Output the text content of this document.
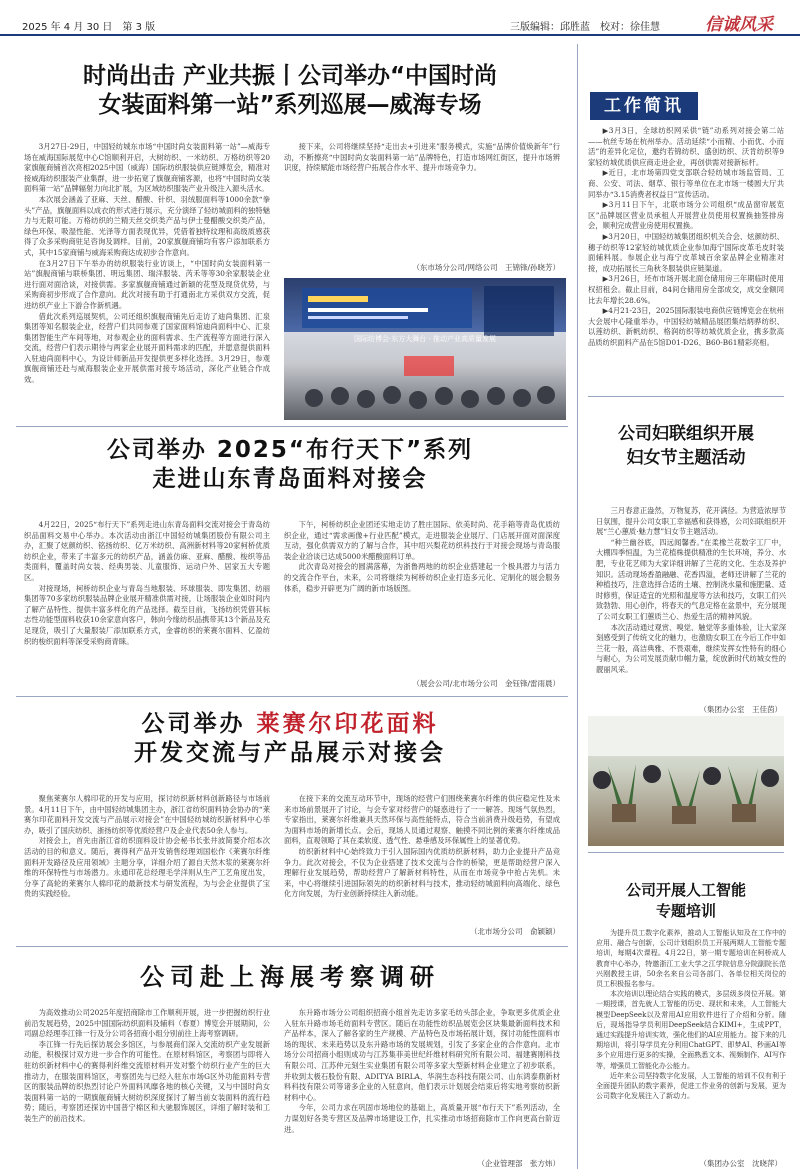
2025 年 4 月 30 日　第 3 版	三版编辑：邱胜蓝　校对：徐佳慧	信诚风采
时尚出击 产业共振丨公司举办“中国时尚
女装面料第一站”系列巡展—威海专场

3月27日-29日，中国轻纺城东市场“中国时尚女装面料第一站”—威海专场在威海国际展览中心C馆顺利开启，大树纺织、一米纺织、万格纺织等20家旗舰商铺首次亮相2025中国（威海）国际纺织服装供应链博览会，精准对接威海纺织服装产业集群，进一步拓宽了旗舰商铺客源，也将“中国时尚女装面料第一站”品牌辐射力向北扩展，为区域纺织服装产业升级注入源头活水。

本次展会涵盖了亚麻、天丝、醋酸、针织、羽绒服面料等1000余款“拳头”产品，旗舰面料以成衣的形式进行展示，充分演绎了轻纺城面料的独特魅力与无限可能。万格纺织的兰精天丝交织类产品与伊士曼醋酸交织类产品，绿色环保、吸湿性能、光泽等方面表现优异，凭借着独特纹理和高级质感获得了众多采购商驻足咨询及调样。目前，20家旗舰商铺均有客户添加联系方式，其中15家商铺与威海采购商达成初步合作意向。

在3月27日下午举办的纺织服装行业访谈上，“中国时尚女装面料第一站”旗舰商铺与联桥集团、明远集团、瑞洋服装、芮禾等等30余家服装企业进行面对面洽谈，对接供需。多家旗舰商铺通过新颖的花型及现货优势，与采购商初步形成了合作意向。此次对接有助于打通南北方采供双方交流，促进纺织产业上下游合作新机遇。

借此次系列巡展契机，公司还组织旗舰商铺先后走访了迪尚集团、汇泉集团等知名服装企业，经营户们共同参观了国家面料馆迪尚面料中心、汇泉集团智能生产车间等地，对参观企业的面料需求、生产流程等方面进行深入交流，经营户们表示期待与两家企业展开面料需求的匹配，并愿意提供面料入驻迪尚面料中心，为设计师新品开发提供更多样化选择。3月29日，参观旗舰商铺还赴与威海服装企业开展供需对接专场活动，深化产业链合作成效。

接下来，公司将继续坚持“走出去+引进来”服务模式，实施“品牌价值焕新年”行动，不断擦亮“中国时尚女装面料第一站”品牌特色，打造市场网红街区，提升市场辨识度，持续赋能市场经营户拓展合作水平、提升市场竞争力。

（东市场分公司/网络公司　王锦锋/孙晓芳）
国际纺博会·东方大舞台 · 推动产业高质量发展
公司举办 2025“布行天下”系列
走进山东青岛面料对接会

4月22日，2025“布行天下”系列走进山东青岛面料交流对接会于青岛纺织品面料交易中心举办。本次活动由浙江中国轻纺城集团股份有限公司主办，汇聚了炫颜纺织、铭扬纺织、亿万米纺织、高洲新材料等20家柯桥优质纺织企业，带来了丰富多元的纺织产品，涵盖仿麻、亚麻、醋酸、梭织等品类面料，覆盖时尚女装、经典男装、儿童服饰、运动户外、居家五大专题区。

对接现场，柯桥纺织企业与青岛当地服装、环球服装、即发集团、纺丽集团等70多家纺织服装品牌企业展开精准供需对接，让场服装企业如时间内了解产品特性、提供丰富多样化的产品选择。截至目前，飞扬纺织凭借其标志性功能型面料收获10余家意向客户，韩向今缘纺织品携带其13个新品及充足现货，吸引了大量服装厂添加联系方式，金睿纺织的莱赛尔面料、亿盈纺织的梭织面料等深受采购商青睐。

下午，柯桥纺织企业团还实地走访了胜庄国际、依美时尚、花手箱等青岛优质纺织企业，通过“需求画像+行业匹配”模式，走进服装企业展厅、门店展开面对面深度互动，强化供需双方的了解与合作，其中绍兴梨花纺织科技行于对接会现场与青岛服装企业洽谈已达成5000米醋酸面料订单。

此次青岛对接会的圆满落幕，为浙鲁两地的纺织企业搭建起一个极具潜力与活力的交流合作平台，未来，公司将继续为柯桥纺织企业打造多元化、定制化的展会服务体系，稳步开辟更为广阔的新市场版图。

（展会公司/北市场分公司　金钰锋/雷雨晨）
公司举办 莱赛尔印花面料
开发交流与产品展示对接会

聚焦莱赛尔人棉印花的开发与应用，探讨纺织新材料创新路径与市场前景。4月11日下午，由中国轻纺城集团主办，浙江省纺织面料协会协办的“莱赛尔印花面料开发交流与产品展示对接会”在中国轻纺城纺织新材料中心举办，吸引了国庆纺织、浙扬纺织等优质经营户及企业代表50余人参与。

对接会上，首先由浙江省纺织面料设计协会秘书长张井波简要介绍本次活动的目的和意义。随后，赛得利产品开发销售经理刘国松作《莱赛尔纤维面料开发路径及应用领域》主题分享，详细介绍了源自天然木浆的莱赛尔纤维的环保特性与市场潜力。永通印花总经理毛学洋则从生产工艺角度出发，分享了高轮的莱赛尔人棉印花的最新技术与研发流程，为与会企业提供了宝贵的实践经验。

在接下来的交流互动环节中，现场的经营户们围绕莱赛尔纤维的供应稳定性及未来市场前景展开了讨论，与会专家对经营户的疑惑进行了一一解答。现场气氛热烈，专家指出，莱赛尔纤维兼具天然环保与高性能特点，符合当前消费升级趋势，有望成为面料市场的新增长点。会后，现场人员通过观察、触摸不同比例的莱赛尔纤维成品面料，直观领略了其在柔软度、透气性、悬垂感及环保属性上的显著优势。

纺织新材料中心始终致力于引入国际国内优质纺织新材料，助力企业提升产品竞争力。此次对接会，不仅为企业搭建了技术交流与合作的桥梁，更是帮助经营户深入理解行业发展趋势，帮助经营户了解新材料特性，从而在市场竞争中抢占先机。未来，中心将继续引进国际领先的纺织新材料与技术，推动轻纺城面料向高端化、绿色化方向发展，为行业创新持续注入新动能。

（北市场分公司　俞颖颖）
公司赴上海展考察调研

为高效推动公司2025年度招商除市工作顺利开展，进一步把握纺织行业前沿发展趋势，2025中国国际纺织面料及辅料（春夏）博览会开展期间，公司副总经理李江锋一行及分公司各招商小组分别前往上海考察调研。

李江锋一行先后探访展会多馆区，与参展商们深入交流纺织产业发展新动能，积极探讨双方进一步合作的可能性。在原材料馆区，考察团与即将入驻纺织新材料中心的赛得利纤维交流原材料开发对整个纺织行业产生的巨大推动力，在服装面料馆区，考察团先与已经入驻东市场G区外功能面料专营区的服装品牌纺织热烈讨论户外面料风靡各地的核心关键，又与中国时尚女装面料第一站的一期旗舰商铺大树纺织深度探讨了解当前女装面料的流行趋势；随后，考察团还探访中国普宁棉区和大驰服饰展区，详细了解时装和工装生产的前沿技术。

东升路市场分公司组织招商小组首先走访多家毛纺头部企业，争取更多优质企业入驻东升路市场毛纺面料专营区。随后在功能性纺织品展览会区块集最新面料技术和产品样本，深入了解各家的生产规模、产品特色及市场拓展计划，探讨功能性面料市场的现状、未来趋势以及东升路市场的发展规划，引发了多家企业的合作意向。北市场分公司招商小组则成功与江苏集菲美世纪纤维材料研究所有限公司、福建赛刚科技有限公司、江苏仲元刻生实业集团有限公司等多家大型新材料企业建立了初步联系，并收到太极石股份有限、ADITYA BIRLA、华润生态科技有限公司、山东鸿泰鼎新材料科技有限公司等诸多企业的入驻意向，他们表示计划展会结束后将实地考察纺织新材料中心。

今年，公司力求在巩固市场地位的基础上，高质量开展“布行天下”系列活动，全力谋划好各类专营区及品牌市场建设工作，扎实推动市场招商除市工作向更高台阶迈进。

（企业管理部　张方炜）
工作简讯

▶3月3日，全球纺织网采供“链”动系列对接会第二站——杭丝专场在杭州举办。活动延续“小而精、小而优、小而活”的差异化定位，邀约若锦纺织、盛创纺织、沃肯纺织等9家轻纺城优质供应商走进企业，再创供需对接新标杆。

▶近日，北市场第四党支部联合轻纺城市场监管局、工商、公安、司法、烟草、银行等单位在北市场一楼圆大厅共同举办“3.15消费者权益日”宣传活动。

▶3月11日下午，北联市场分公司组织“成品窗帘展览区”品牌展区营业员承租人开展营业员使用权置换抽签排房会，顺利完成营业房使用权置换。

▶3月20日，中国轻纺城集团组织机关合会、炫颜纺织、穗子纺织等12家轻纺城优质企业参加海宁国际皮革毛皮时装面辅料展。参展企业与海宁皮革城百余家品牌企业精准对接，成功拓展长三角秋冬服装供应链渠道。

▶3月26日，坯布市场开展北面仓储用房三年期临时使用权招租会。截止目前，84间仓储用房全部成交，成交金额同比去年增长28.6%。

▶4月21-23日，2025国际服装电商供应链博览会在杭州大会展中心隆重举办，中国轻纺城精品展团集结炳骅纺织、以莲纺织、新帆纺织、格润纺织等纺城优质企业，携多款高品质纺织面料产品在5馆D01-D26、B60-B61精彩亮相。

公司妇联组织开展
妇女节主题活动

三月春意正盎然，万物复苏，花开满径。为营造浓厚节日氛围，提升公司女职工幸福感和获得感，公司妇联组织开展“兰心蕙质·魅力慧”妇女节主题活动。

“种兰幽谷底，四远闻馨香。”在柔橡兰花数字工厂中，大棚四季恒温，为兰花植株提供精准的生长环境，养分、水肥，专业花艺师为大家详细讲解了兰花的文化、生态及养护知识。活动现场香盈融融、花香四溢，老师还讲解了兰花的种植技巧，注意选择合适的土壤、控制浇水量和施肥量、适时修剪，保证适宜的光照和温度等方法和技巧，女职工们兴致勃勃、用心创作，将春天的气息定格在盆景中，充分展现了公司女职工们蕙质兰心、热爱生活的精神风貌。

本次活动通过观赏、嗅觉、触觉等多重体验，让大家深刻感受到了传统文化的魅力，也激励女职工在今后工作中如兰花一般，高洁典雅、不畏艰难，继续发挥女性特有的细心与耐心，为公司发展贡献巾帼力量，绽放新时代纺城女性的靓丽风采。

（集团办公室　王佳茵）
公司开展人工智能
专题培训

为提升员工数字化素养，推动人工智能认知及在工作中的应用、融合与创新，公司计划组织员工开展两期人工智能专题培训，每期4次课程。4月22日，第一期专题培训在柯桥成人教育中心举办，特邀浙江工业大学之江学院信息分院副院长范兴刚教授主讲，50余名来自公司各部门、各单位相关岗位的员工积极报名参与。

本次培训以理论结合实践的模式，多层级多岗位开展。第一期授课，首先就人工智能的历史、现状和未来，人工智能大模型DeepSeek以及常用AI应用软件进行了介绍和分析。随后，现场指导学员利用DeepSeek结合KIMI+，生成PPT，通过实践提升培训实效，强化他们的AI应用能力。接下来的几期培训，将引导学员充分利用ChatGPT、即梦AI、秒画AI等多个应用进行更多的实操，全面熟悉文本、视频制作、AI写作等，增强员工智能化办公能力。

近年来公司坚持数字化发展，人工智能的培训不仅有利于全面提升团队的数字素养，促进工作业务的创新与发展，更为公司数字化发展注入了新动力。

（集团办公室　沈晓萍）
